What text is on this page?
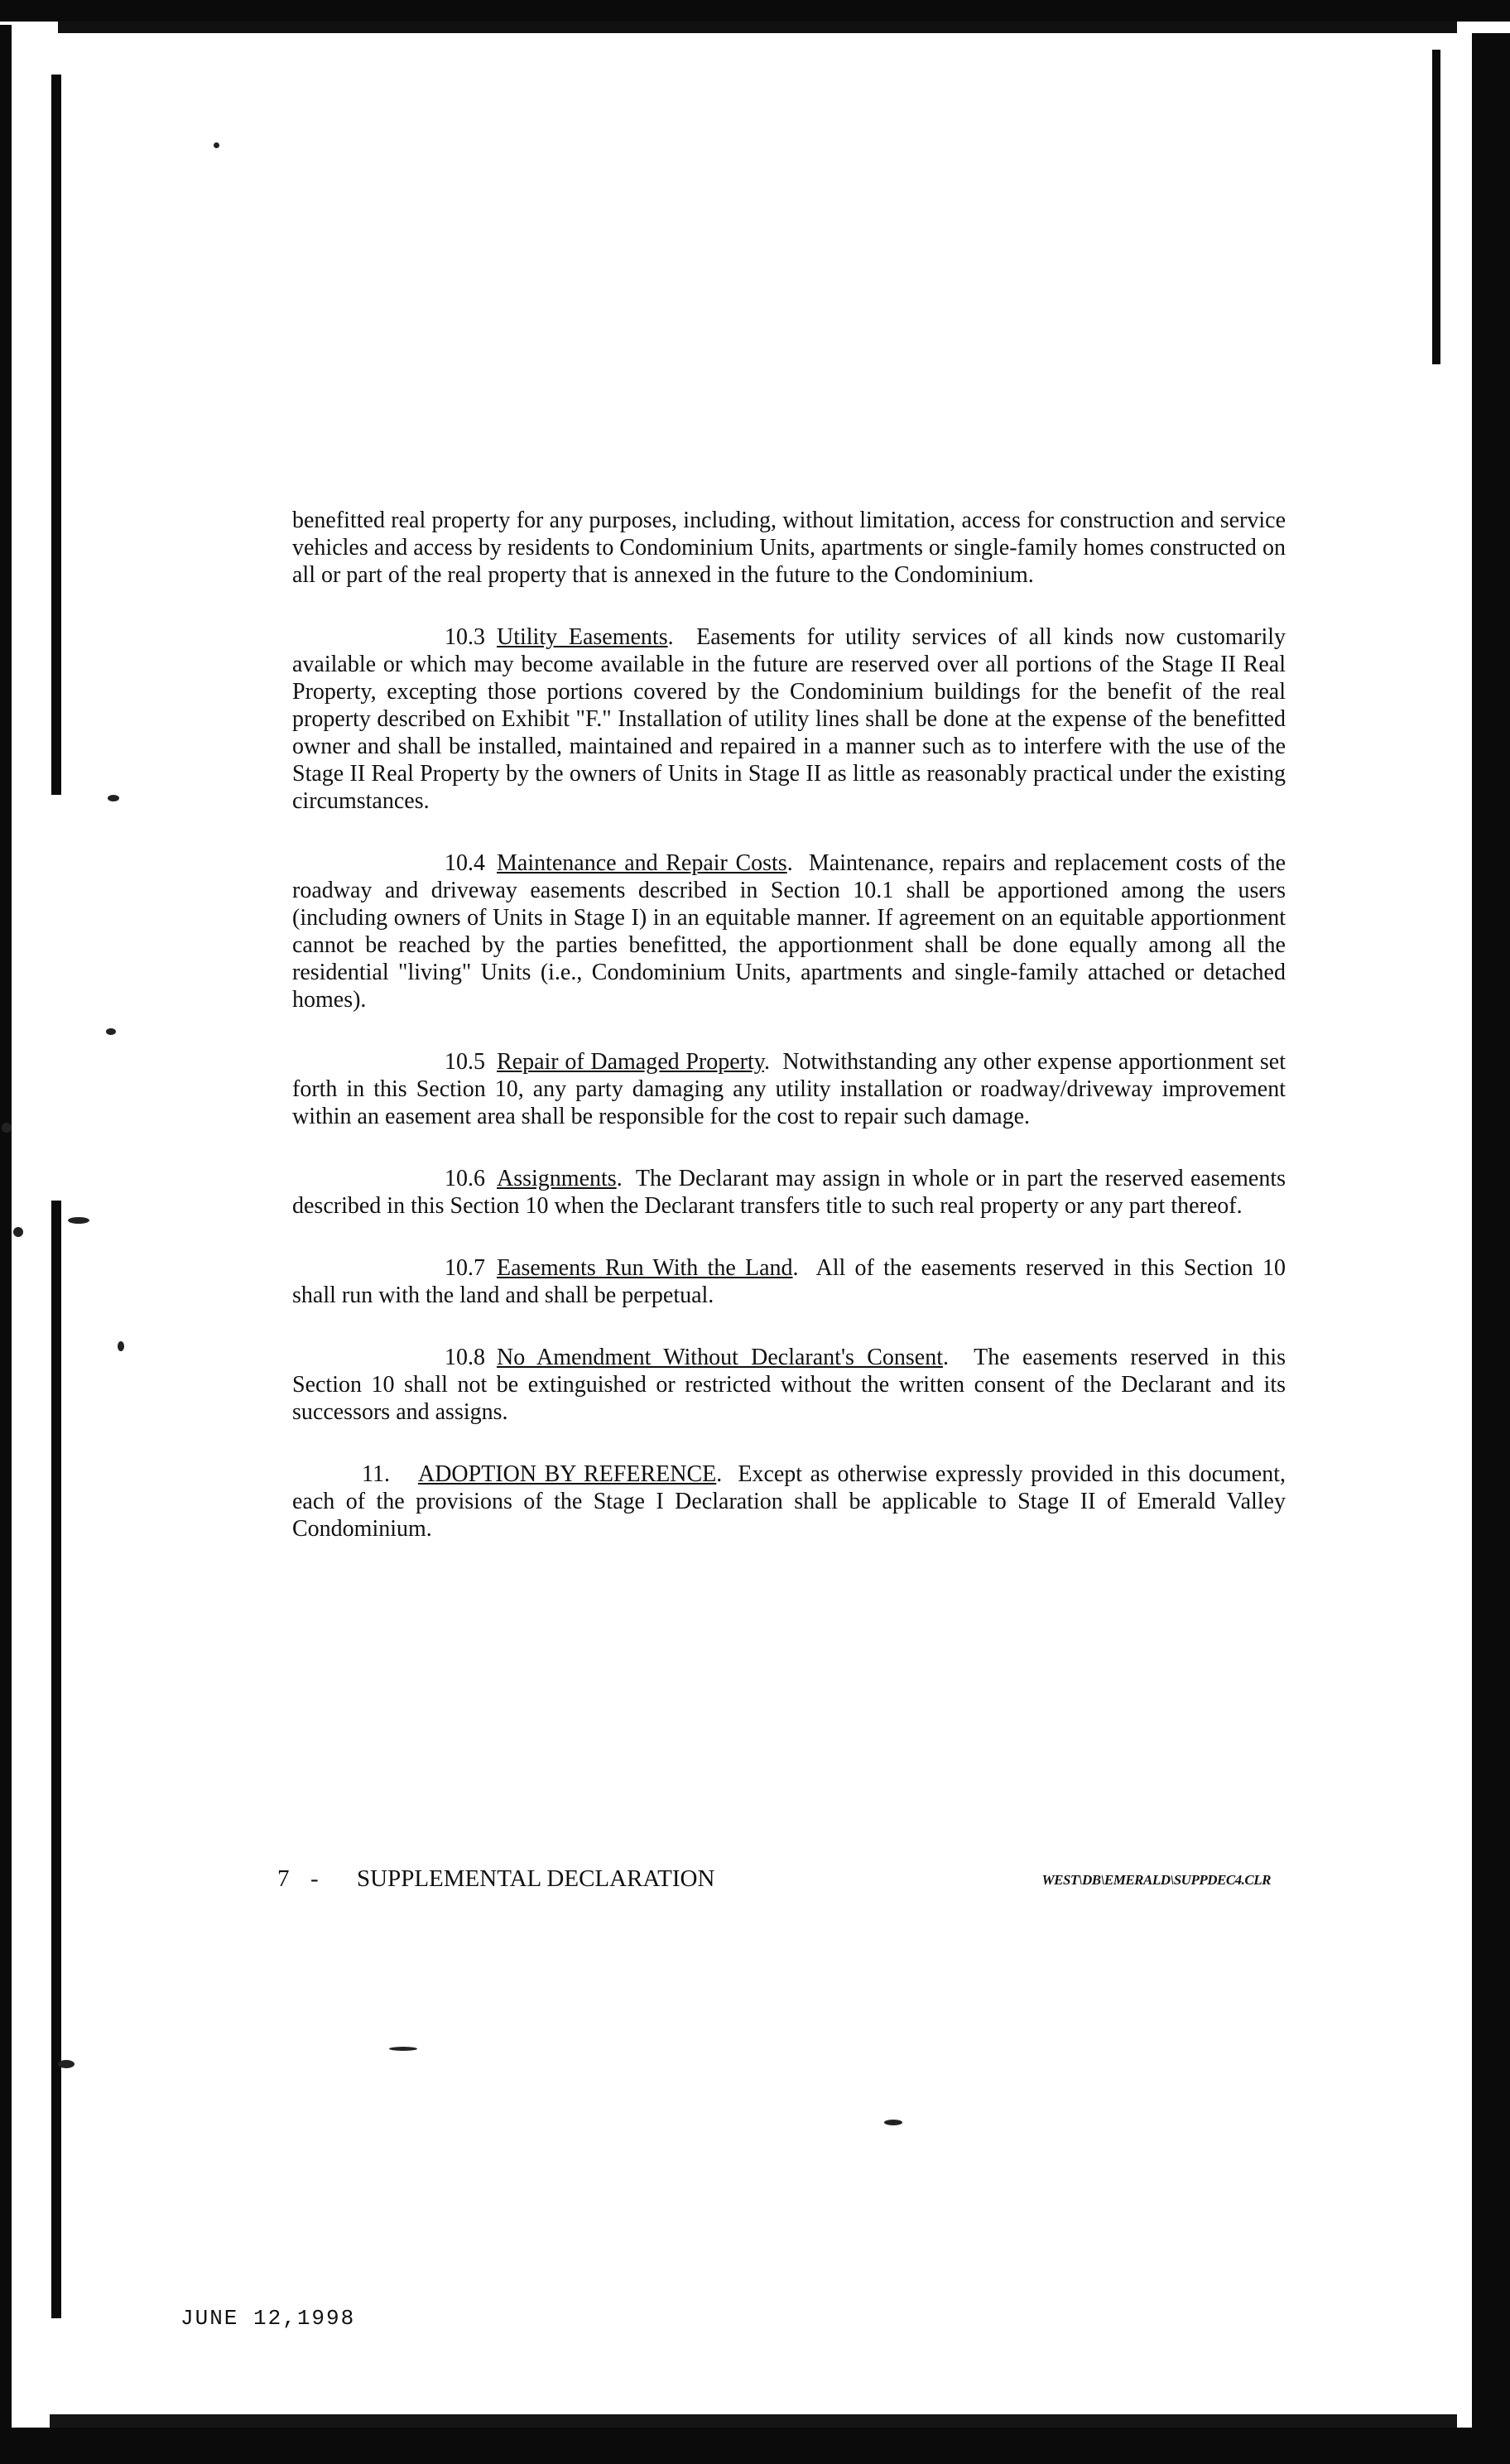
benefitted real property for any purposes, including, without limitation, access for construction and service vehicles and access by residents to Condominium Units, apartments or single-family homes constructed on all or part of the real property that is annexed in the future to the Condominium.

10.3 Utility Easements.  Easements for utility services of all kinds now customarily available or which may become available in the future are reserved over all portions of the Stage II Real Property, excepting those portions covered by the Condominium buildings for the benefit of the real property described on Exhibit "F." Installation of utility lines shall be done at the expense of the benefitted owner and shall be installed, maintained and repaired in a manner such as to interfere with the use of the Stage II Real Property by the owners of Units in Stage II as little as reasonably practical under the existing circumstances.

10.4 Maintenance and Repair Costs.  Maintenance, repairs and replacement costs of the roadway and driveway easements described in Section 10.1 shall be apportioned among the users (including owners of Units in Stage I) in an equitable manner. If agreement on an equitable apportionment cannot be reached by the parties benefitted, the apportionment shall be done equally among all the residential "living" Units (i.e., Condominium Units, apartments and single-family attached or detached homes).

10.5 Repair of Damaged Property.  Notwithstanding any other expense apportionment set forth in this Section 10, any party damaging any utility installation or roadway/driveway improvement within an easement area shall be responsible for the cost to repair such damage.

10.6 Assignments.  The Declarant may assign in whole or in part the reserved easements described in this Section 10 when the Declarant transfers title to such real property or any part thereof.

10.7 Easements Run With the Land.  All of the easements reserved in this Section 10 shall run with the land and shall be perpetual.

10.8 No Amendment Without Declarant's Consent.  The easements reserved in this Section 10 shall not be extinguished or restricted without the written consent of the Declarant and its successors and assigns.

11. ADOPTION BY REFERENCE.  Except as otherwise expressly provided in this document, each of the provisions of the Stage I Declaration shall be applicable to Stage II of Emerald Valley Condominium.

7 - SUPPLEMENTAL DECLARATION	WEST\DB\EMERALD\SUPPDEC4.CLR
JUNE 12,1998
